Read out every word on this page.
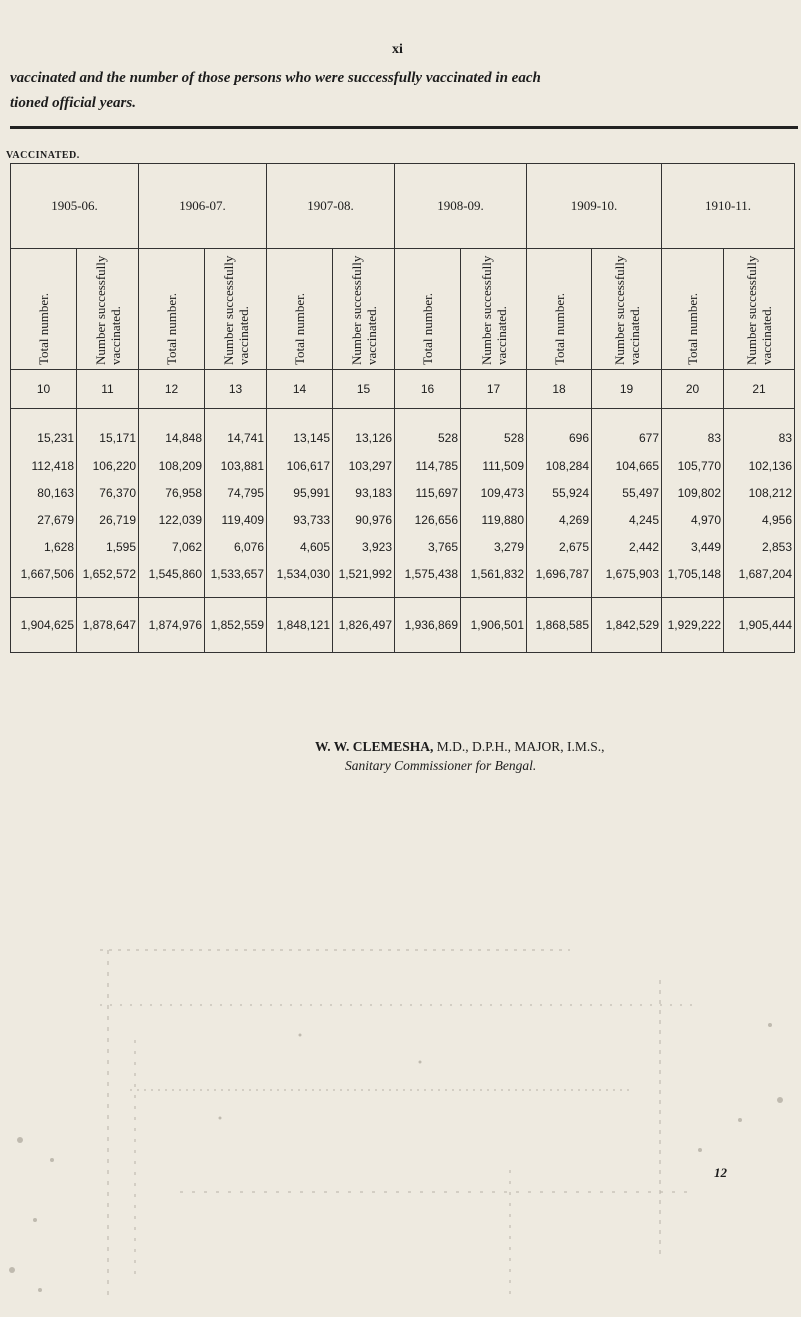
xi
vaccinated and the number of those persons who were successfully vaccinated in each
tioned official years.
VACCINATED.
1905-06.		1906-07.		1907-08.		1908-09.		1909-10.		1910-11.	

Total number.	Number successfully vaccinated.	Total number.	Number successfully vaccinated.	Total number.	Number successfully vaccinated.	Total number.	Number successfully vaccinated.	Total number.	Number successfully vaccinated.	Total number.	Number successfully vaccinated.

10	11	12	13	14	15	16	17	18	19	20	21
15,231	15,171	14,848	14,741	13,145	13,126	528	528	696	677	83	83
112,418	106,220	108,209	103,881	106,617	103,297	114,785	111,509	108,284	104,665	105,770	102,136
80,163	76,370	76,958	74,795	95,991	93,183	115,697	109,473	55,924	55,497	109,802	108,212
27,679	26,719	122,039	119,409	93,733	90,976	126,656	119,880	4,269	4,245	4,970	4,956
1,628	1,595	7,062	6,076	4,605	3,923	3,765	3,279	2,675	2,442	3,449	2,853
1,667,506	1,652,572	1,545,860	1,533,657	1,534,030	1,521,992	1,575,438	1,561,832	1,696,787	1,675,903	1,705,148	1,687,204
1,904,625	1,878,647	1,874,976	1,852,559	1,848,121	1,826,497	1,936,869	1,906,501	1,868,585	1,842,529	1,929,222	1,905,444
W. W. CLEMESHA, M.D., D.P.H., MAJOR, I.M.S.,
Sanitary Commissioner for Bengal.
12
